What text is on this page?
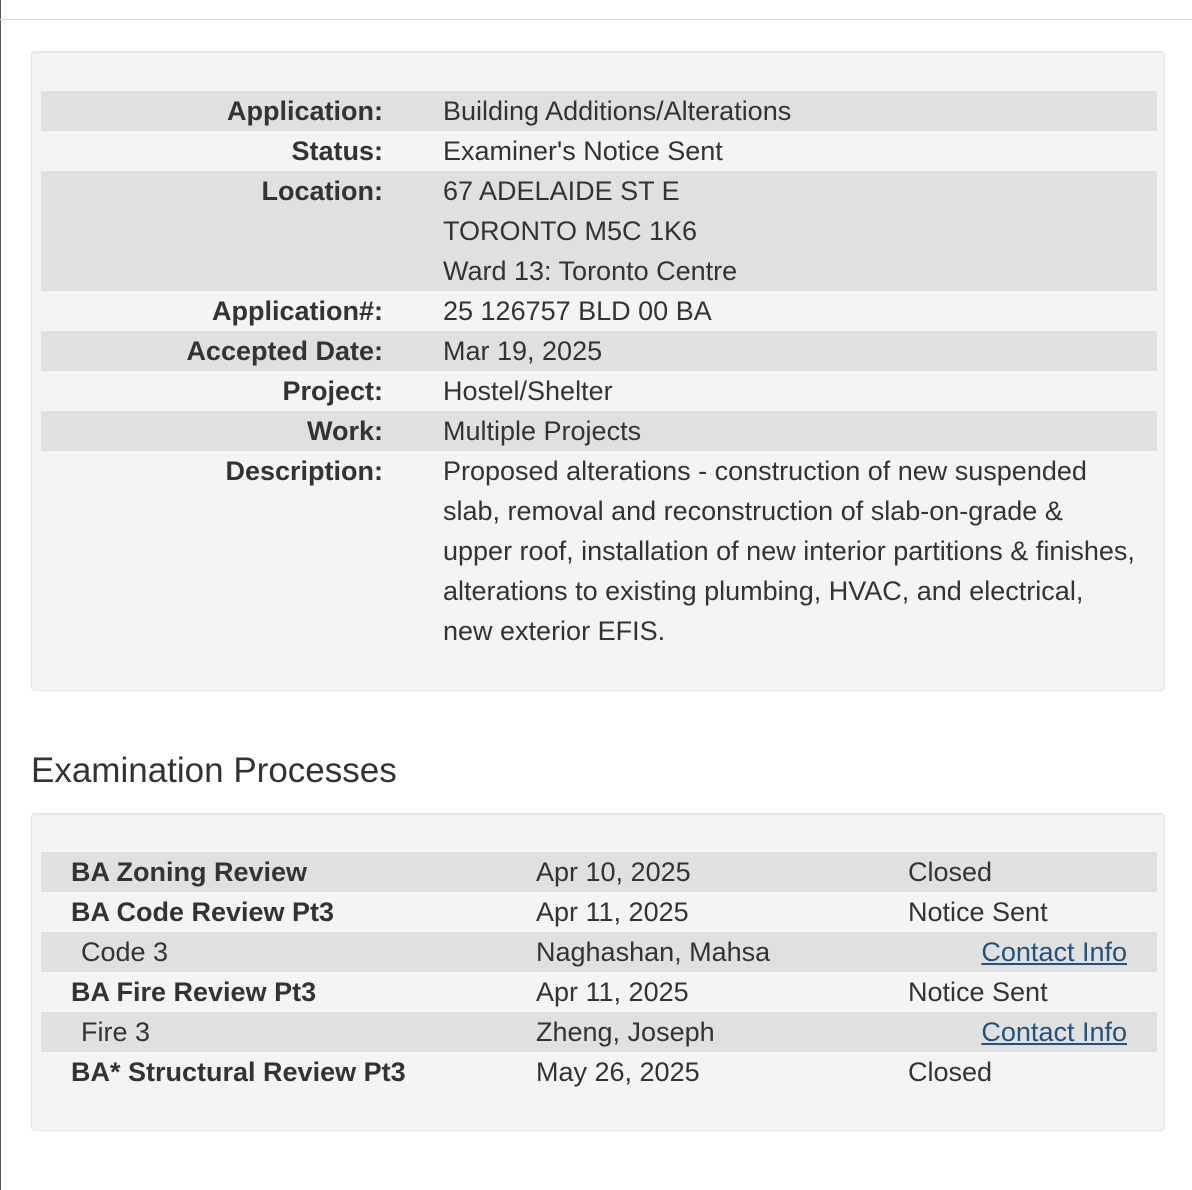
Application:	Building Additions/Alterations
Status:	Examiner's Notice Sent
Location:	67 ADELAIDE ST E
TORONTO M5C 1K6
Ward 13: Toronto Centre

Application#:	25 126757 BLD 00 BA
Accepted Date:	Mar 19, 2025
Project:	Hostel/Shelter
Work:	Multiple Projects
Description:	Proposed alterations - construction of new suspended slab, removal and reconstruction of slab-on-grade & upper roof, installation of new interior partitions & finishes, alterations to existing plumbing, HVAC, and electrical, new exterior EFIS.
Examination Processes
BA Zoning Review	Apr 10, 2025	Closed
BA Code Review Pt3	Apr 11, 2025	Notice Sent
Code 3	Naghashan, Mahsa	Contact Info
BA Fire Review Pt3	Apr 11, 2025	Notice Sent
Fire 3	Zheng, Joseph	Contact Info
BA* Structural Review Pt3	May 26, 2025	Closed
